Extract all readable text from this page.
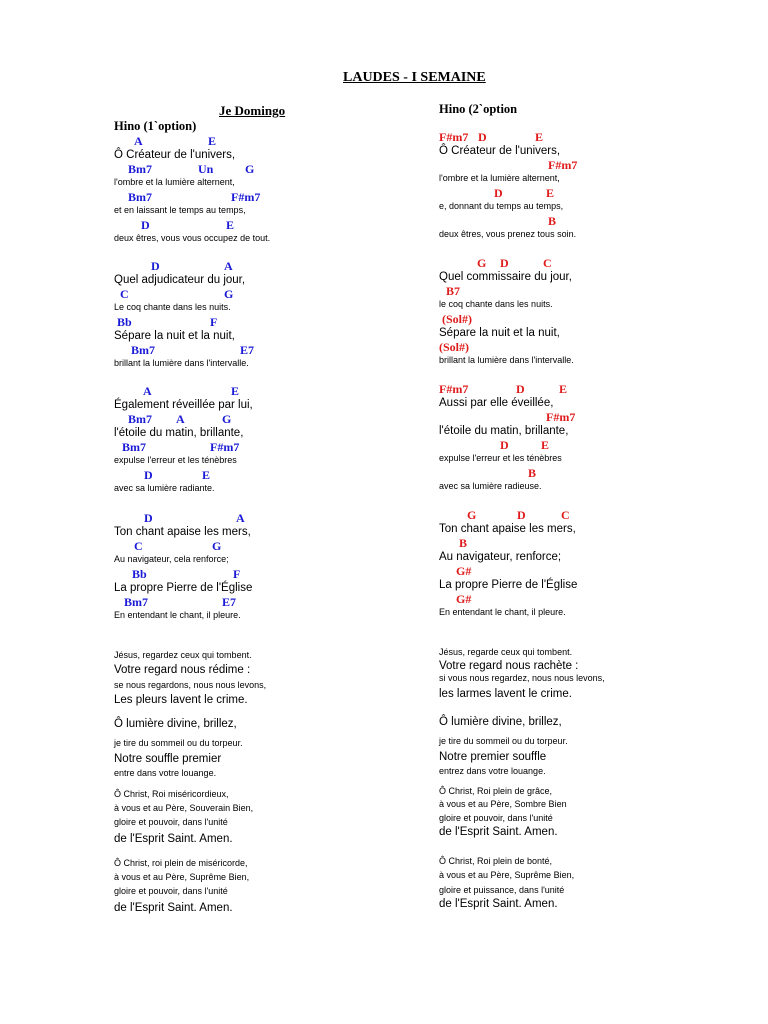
LAUDES - I SEMAINE
Je Domingo
Hino (1`option)
Hino (2`option
A	E
Ô Créateur de l'univers,
Bm7	Un	G
l'ombre et la lumière alternent,
Bm7	F#m7
et en laissant le temps au temps,
D	E
deux êtres, vous vous occupez de tout.
D	A
Quel adjudicateur du jour,
C	G
Le coq chante dans les nuits.
Bb	F
Sépare la nuit et la nuit,
Bm7	E7
brillant la lumière dans l'intervalle.
A	E
Également réveillée par lui,
Bm7 A	G
l'étoile du matin, brillante,
Bm7	F#m7
expulse l'erreur et les ténèbres
D	E
avec sa lumière radiante.
D	A
Ton chant apaise les mers,
C	G
Au navigateur, cela renforce;
Bb	F
La propre Pierre de l'Église
Bm7	E7
En entendant le chant, il pleure.
Jésus, regardez ceux qui tombent.
Votre regard nous rédime :
se nous regardons, nous nous levons,
Les pleurs lavent le crime.
Ô lumière divine, brillez,
je tire du sommeil ou du torpeur.
Notre souffle premier
entre dans votre louange.
Ô Christ, Roi miséricordieux,
à vous et au Père, Souverain Bien,
gloire et pouvoir, dans l'unité
de l'Esprit Saint. Amen.
Ô Christ, roi plein de miséricorde,
à vous et au Père, Suprême Bien,
gloire et pouvoir, dans l'unité
de l'Esprit Saint. Amen.
F#m7 D	E
Ô Créateur de l'univers,
F#m7
l'ombre et la lumière alternent,
D	E
e, donnant du temps au temps,
B
deux êtres, vous prenez tous soin.
G D	C
Quel commissaire du jour,
B7
le coq chante dans les nuits.
(Sol#)
Sépare la nuit et la nuit,
(Sol#)
brillant la lumière dans l'intervalle.
F#m7	D	E
Aussi par elle éveillée,
F#m7
l'étoile du matin, brillante,
D	E
expulse l'erreur et les ténèbres
B
avec sa lumière radieuse.
G	D	C
Ton chant apaise les mers,
B
Au navigateur, renforce;
G#
La propre Pierre de l'Église
G#
En entendant le chant, il pleure.
Jésus, regarde ceux qui tombent.
Votre regard nous rachète :
si vous nous regardez, nous nous levons,
les larmes lavent le crime.
Ô lumière divine, brillez,
je tire du sommeil ou du torpeur.
Notre premier souffle
entrez dans votre louange.
Ô Christ, Roi plein de grâce,
à vous et au Père, Sombre Bien
gloire et pouvoir, dans l'unité
de l'Esprit Saint. Amen.
Ô Christ, Roi plein de bonté,
à vous et au Père, Suprême Bien,
gloire et puissance, dans l'unité
de l'Esprit Saint. Amen.
